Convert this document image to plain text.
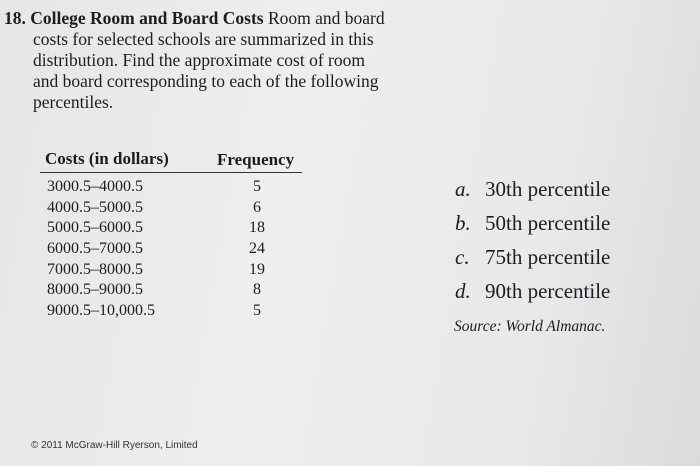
18. College Room and Board Costs Room and board
costs for selected schools are summarized in this
distribution. Find the approximate cost of room
and board corresponding to each of the following
percentiles.
Costs (in dollars)	Frequency
3000.5–4000.5	5
4000.5–5000.5	6
5000.5–6000.5	18
6000.5–7000.5	24
7000.5–8000.5	19
8000.5–9000.5	8
9000.5–10,000.5	5
a. 30th percentile
b. 50th percentile
c. 75th percentile
d. 90th percentile
Source: World Almanac.
© 2011 McGraw-Hill Ryerson, Limited
